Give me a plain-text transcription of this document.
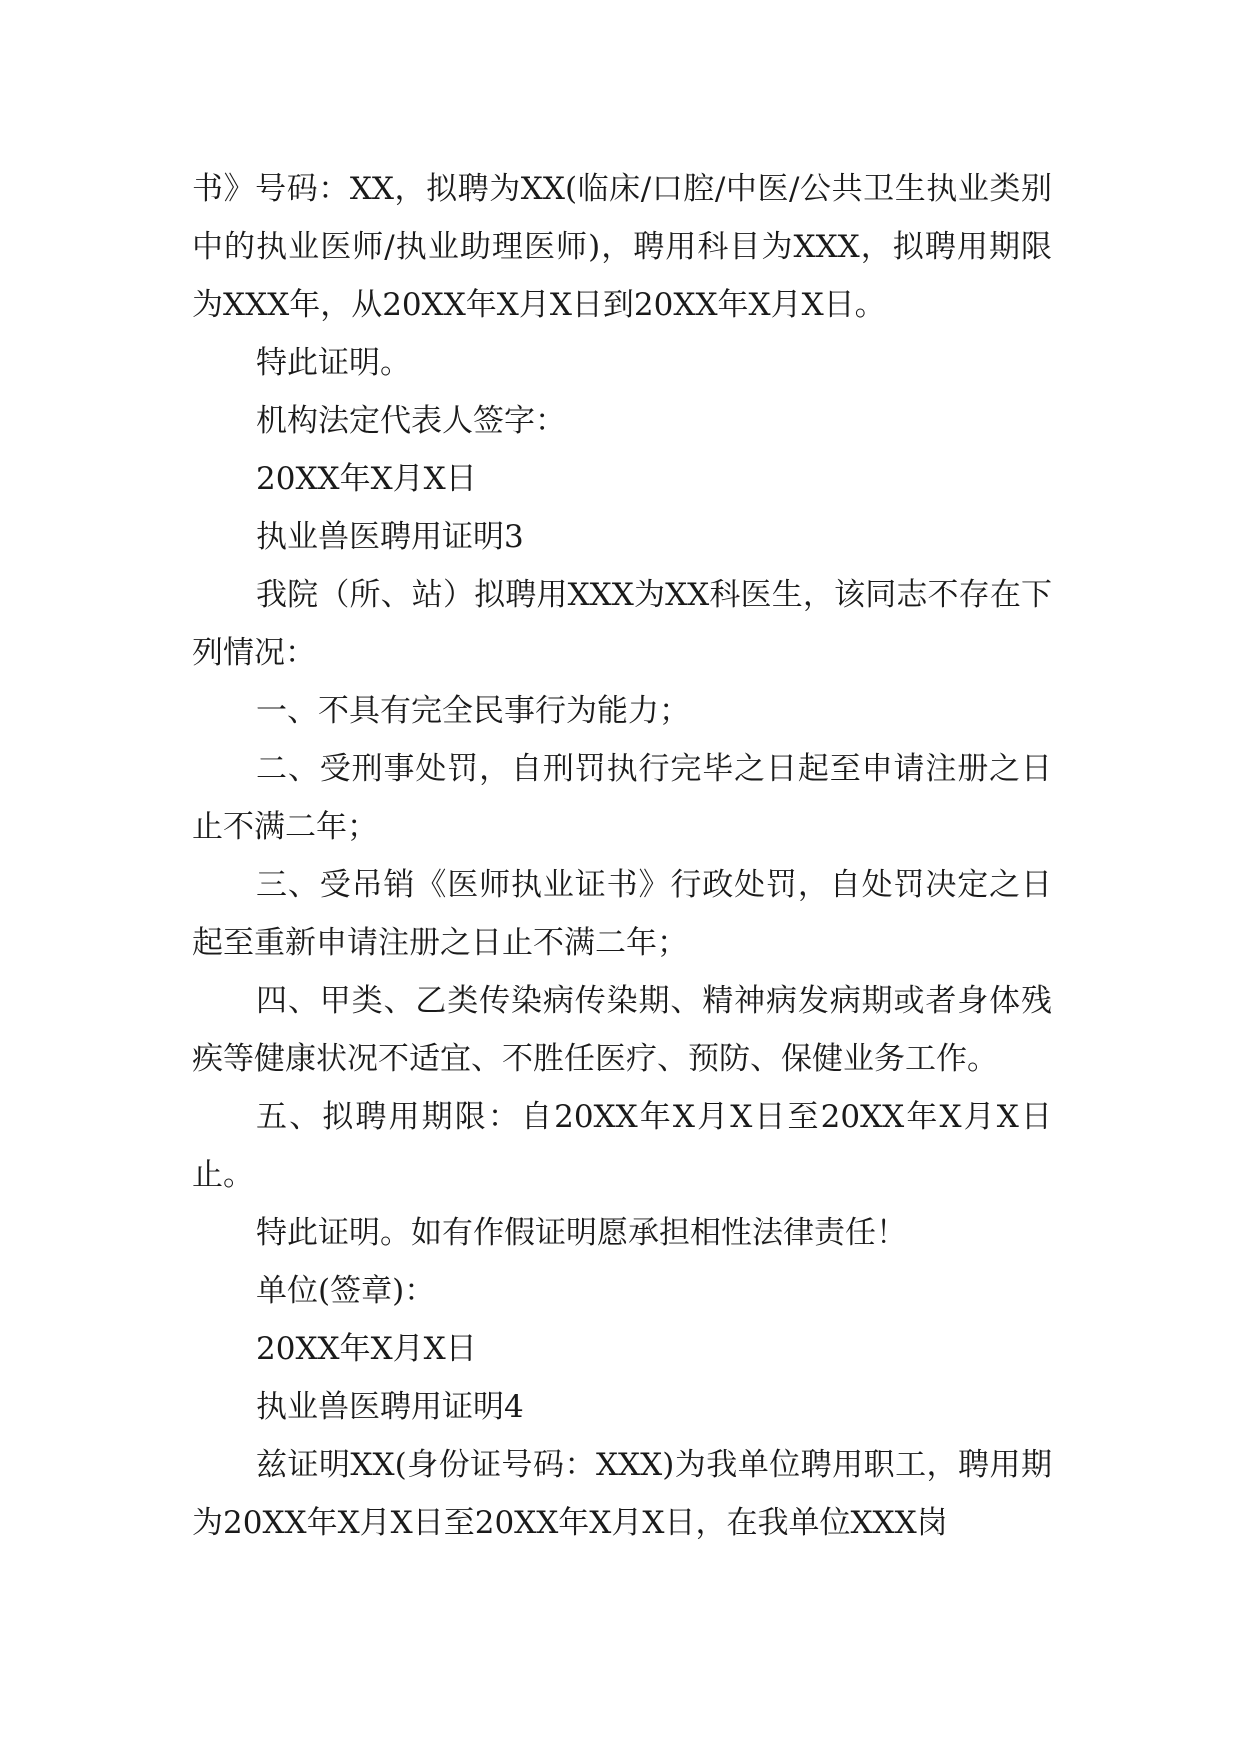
书》号码：XX，拟聘为XX(临床/口腔/中医/公共卫生执业类别中的执业医师/执业助理医师)，聘用科目为XXX，拟聘用期限为XXX年，从20XX年X月X日到20XX年X月X日。

特此证明。

机构法定代表人签字：

20XX年X月X日

执业兽医聘用证明3

我院（所、站）拟聘用XXX为XX科医生，该同志不存在下列情况：

一、不具有完全民事行为能力；

二、受刑事处罚，自刑罚执行完毕之日起至申请注册之日止不满二年；

三、受吊销《医师执业证书》行政处罚，自处罚决定之日起至重新申请注册之日止不满二年；

四、甲类、乙类传染病传染期、精神病发病期或者身体残疾等健康状况不适宜、不胜任医疗、预防、保健业务工作。

五、拟聘用期限：自20XX年X月X日至20XX年X月X日止。

特此证明。如有作假证明愿承担相性法律责任！

单位(签章)：

20XX年X月X日

执业兽医聘用证明4

兹证明XX(身份证号码：XXX)为我单位聘用职工，聘用期为20XX年X月X日至20XX年X月X日，在我单位XXX岗
